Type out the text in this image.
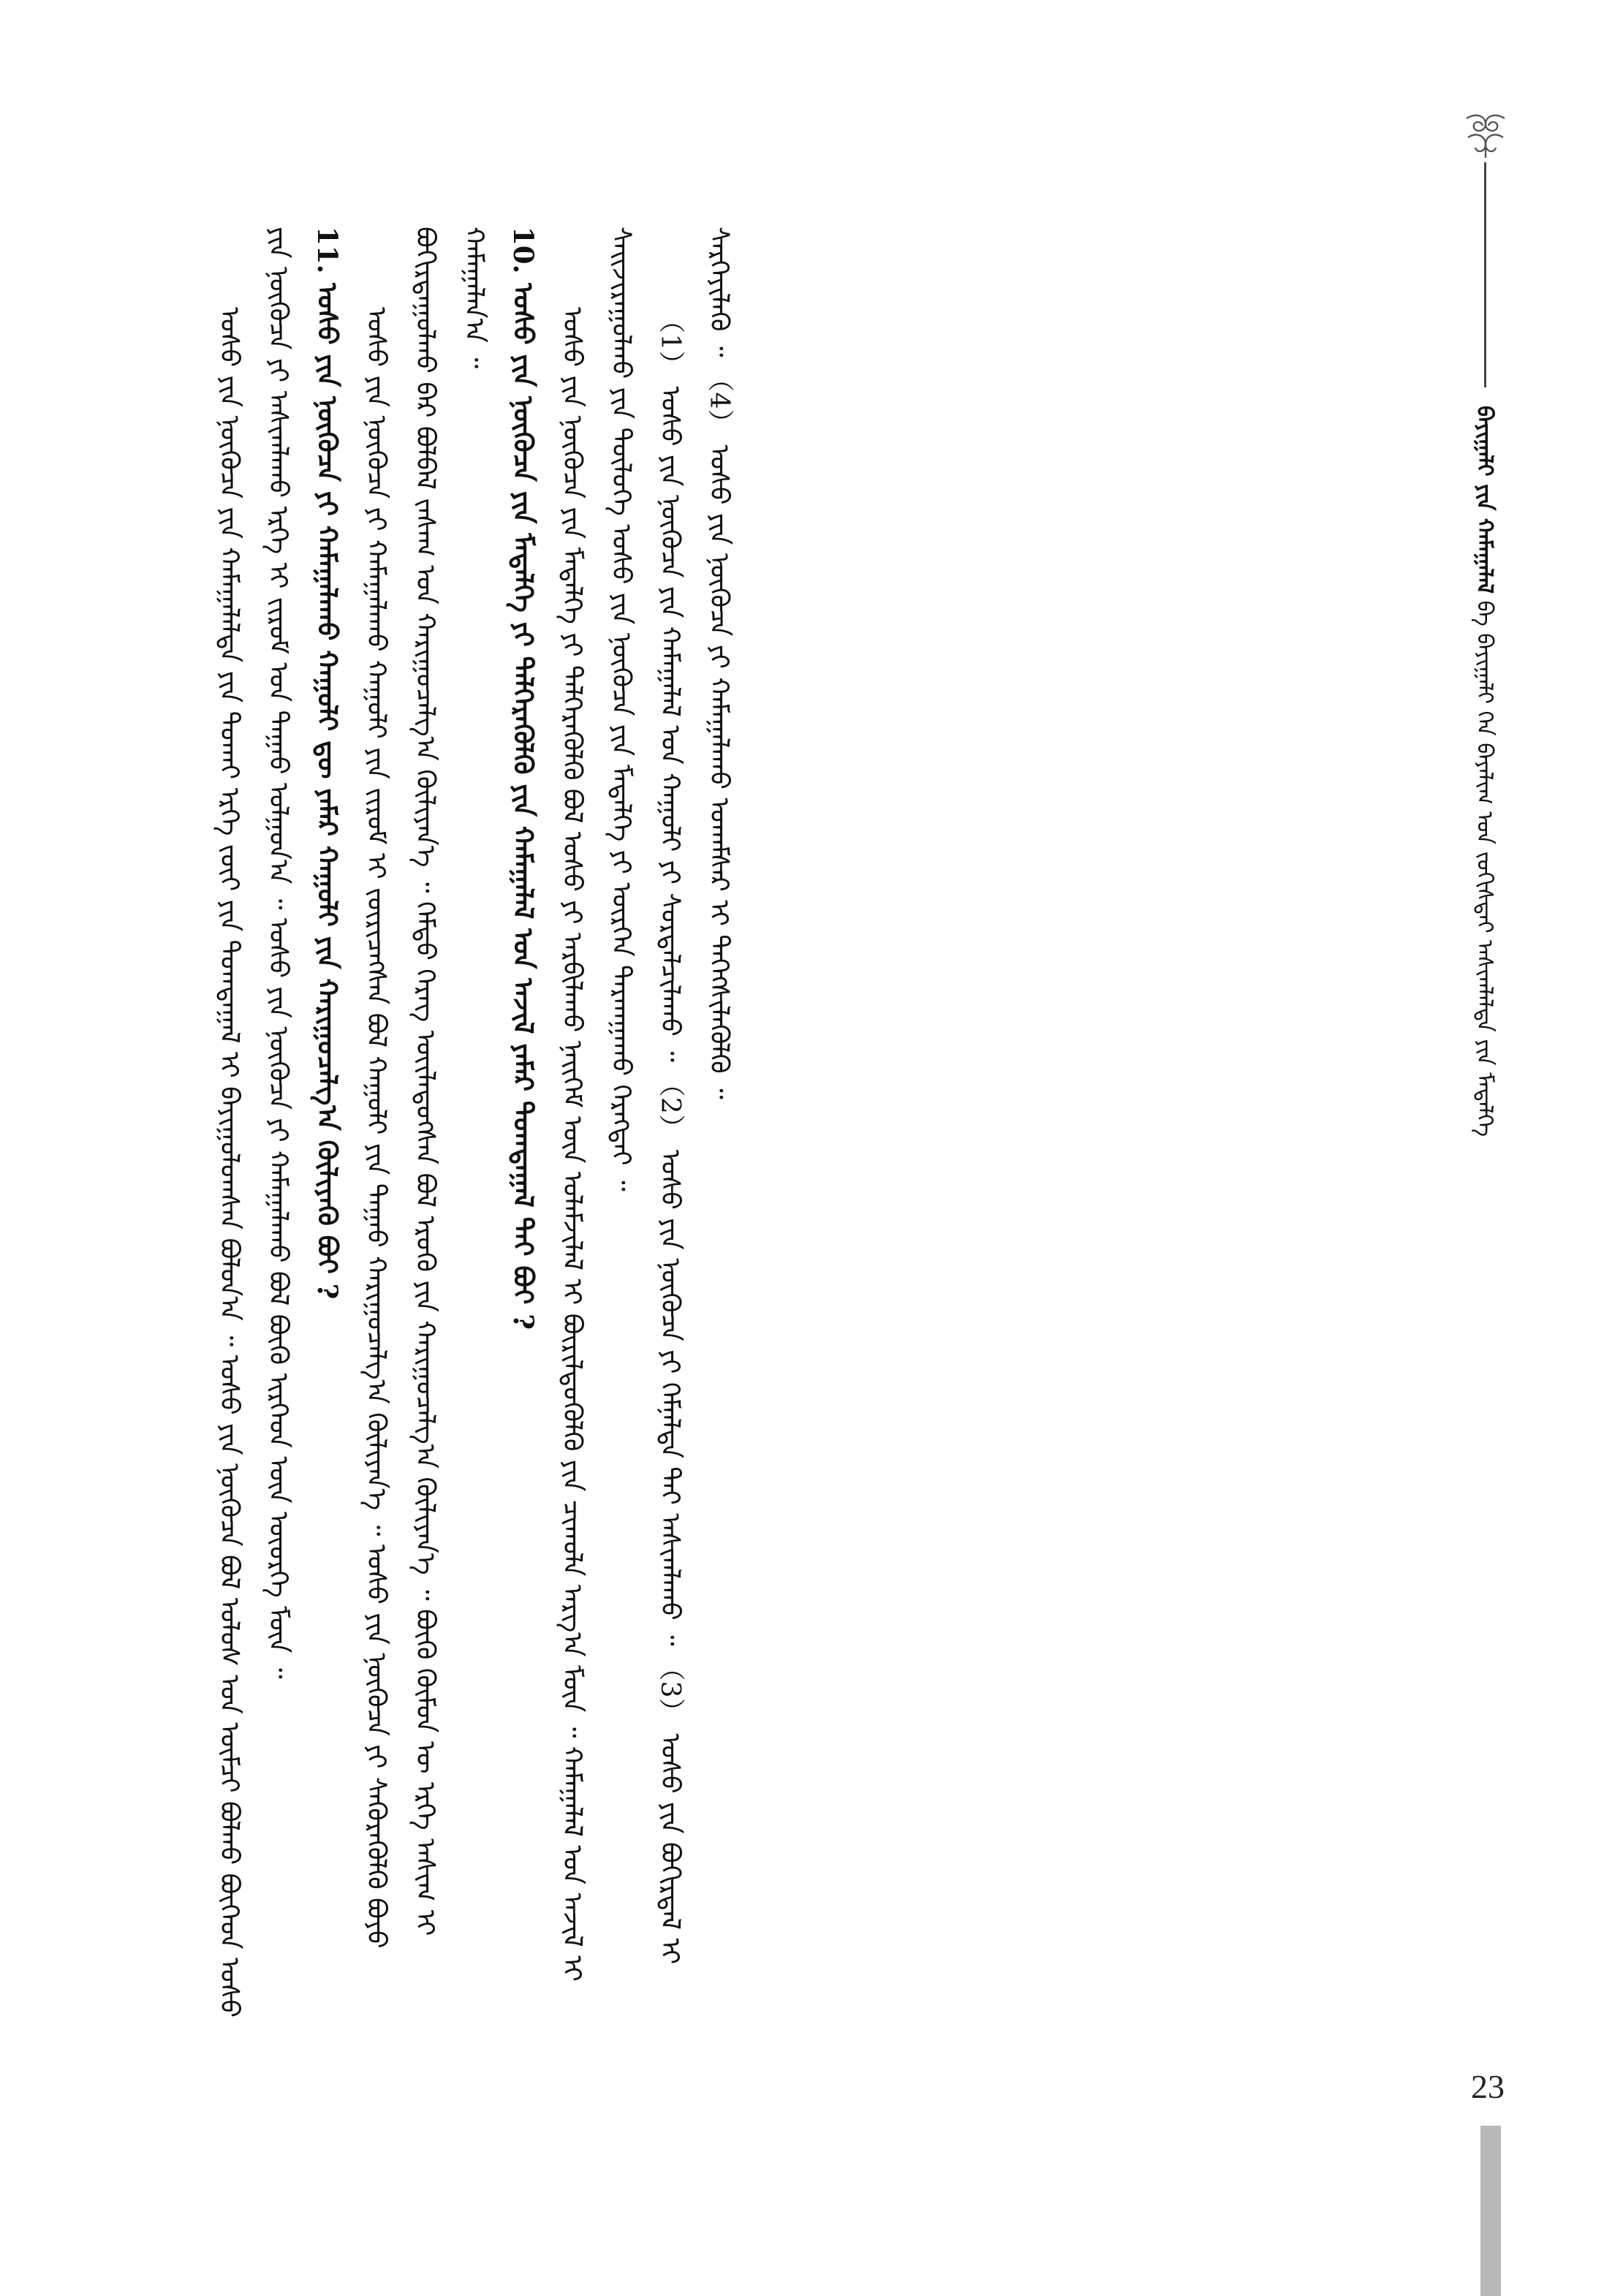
ᠪᠠᠶᠢᠭᠠᠯᠢ ᠶᠢᠨ ᠬᠠᠮᠠᠭᠠᠯᠠᠯ ᠪᠠ ᠪᠠᠶᠢᠭᠠᠯᠢ ᠭᠡᠨ ᠪᠠᠶᠠᠯᠢᠭ ᠤᠨ ᠵᠣᠬᠢᠰᠲᠠᠢ ᠠᠰᠢᠭᠯᠠᠯᠲᠠ ᠶᠢᠨ ᠮᠡᠳᠡᠯᠭᠡ

ᠤᠰᠤ ᠶᠢᠨ ᠨᠦᠭᠦᠴᠡ ᠶᠢᠨ ᠬᠠᠮᠠᠭᠠᠯᠠᠯᠲᠠ ᠶᠢᠨ ᠲᠤᠬᠠᠢ ᠡᠷᠬᠡ ᠵᠦᠢ ᠶᠢᠨ ᠲᠣᠭᠲᠠᠭᠠᠯ ᠢ ᠪᠠᠶᠢᠭᠤᠯᠤᠭᠰᠠᠨ ᠪᠣᠯᠤᠨ᠎ᠠ ᠃ ᠤᠰᠤ ᠶᠢᠨ ᠨᠦᠭᠦᠴᠡ ᠪᠣᠯ ᠤᠯᠤᠰ ᠤᠨ ᠥᠮᠴᠢ ᠪᠣᠯᠬᠤ ᠪᠥᠭᠡᠳ ᠤᠰᠤ ᠶᠢᠨ ᠨᠦᠭᠦᠴᠡ ᠶᠢ ᠠᠰᠢᠭᠯᠠᠬᠤ ᠡᠷᠬᠡ ᠢ ᠵᠢᠷᠤᠮ ᠤᠨ ᠳᠠᠭᠠᠤ ᠣᠯᠭᠤᠨ᠎ᠠ ᠃ ᠤᠰᠤ ᠶᠢᠨ ᠨᠦᠭᠦᠴᠡ ᠶᠢ ᠬᠠᠮᠠᠭᠠᠯᠠᠬᠤ ᠪᠣᠯ ᠪᠦᠬᠦ ᠢᠷᠭᠡᠳ ᠦᠨ ᠦᠦᠷᠭᠡ ᠮᠥᠨ ᠃ 11. ᠤᠰᠤ ᠶᠢᠨ ᠨᠦᠭᠦᠴᠡ ᠶᠢ ᠬᠠᠮᠠᠭᠠᠯᠠᠬᠤ ᠬᠠᠭᠤᠯᠢ ᠳᠦ ᠶᠠᠮᠠᠷ ᠬᠠᠭᠤᠯᠢ ᠶᠢᠨ ᠬᠠᠷᠢᠭᠤᠴᠠᠯᠭ᠎ᠠ ᠬᠦᠯᠢᠶᠡᠬᠦ ᠪᠤᠢ ? ᠤᠰᠤ ᠶᠢᠨ ᠨᠦᠭᠦᠴᠡ ᠶᠢ ᠬᠠᠮᠠᠭᠠᠯᠠᠬᠤ ᠬᠠᠭᠤᠯᠢ ᠶᠢᠨ ᠵᠢᠷᠤᠮ ᠢ ᠵᠥᠷᠢᠴᠡᠭᠰᠡᠨ ᠪᠣᠯ ᠬᠠᠭᠤᠯᠢ ᠶᠢᠨ ᠳᠠᠭᠠᠤ ᠬᠠᠷᠢᠭᠤᠴᠠᠯᠭ᠎ᠠ ᠬᠦᠯᠢᠶᠡᠨ᠎ᠡ ᠃ ᠤᠰᠤ ᠶᠢᠨ ᠨᠦᠭᠦᠴᠡ ᠶᠢ ᠰᠡᠭᠦᠷᠡᠭᠦᠯᠬᠦ ᠪᠤᠶᠤ ᠪᠣᠬᠢᠷᠳᠠᠭᠤᠯᠬᠤ ᠪᠠᠷ ᠪᠣᠯᠪᠠᠯ ᠵᠠᠰᠠᠭ ᠤᠨ ᠬᠠᠷᠢᠭᠤᠴᠠᠯᠭ᠎ᠠ ᠬᠦᠯᠢᠶᠡᠨ᠎ᠡ ᠃ ᠭᠡᠮᠲᠦ ᠬᠡᠷᠡᠭ ᠦᠢᠯᠡᠳᠦᠭᠰᠡᠨ ᠪᠣᠯ ᠡᠷᠦᠭᠦ ᠶᠢᠨ ᠬᠠᠷᠢᠭᠤᠴᠠᠯᠭ᠎ᠠ ᠬᠦᠯᠢᠶᠡᠨ᠎ᠡ ᠃ ᠪᠦᠬᠦ ᠬᠦᠮᠦᠨ ᠦ ᠡᠷᠬᠡ ᠠᠰᠢᠭ ᠢ ᠬᠠᠮᠠᠭᠠᠯᠠᠨ᠎ᠠ ᠃ 10. ᠤᠰᠤ ᠶᠢᠨ ᠨᠦᠭᠦᠴᠡ ᠶᠢᠨ ᠮᠡᠳᠡᠯᠭᠡ ᠶᠢ ᠳᠡᠯᠭᠡᠷᠡᠭᠦᠯᠬᠦ ᠶᠢᠨ ᠬᠠᠮᠠᠭᠠᠯᠠᠯ ᠤᠨ ᠠᠵᠢᠯ ᠶᠠᠮᠠᠷ ᠲᠣᠭᠲᠠᠭᠠᠯ ᠲᠠᠢ ᠪᠤᠢ ? ᠤᠰᠤ ᠶᠢᠨ ᠨᠦᠭᠦᠴᠡ ᠶᠢᠨ ᠮᠡᠳᠡᠯᠭᠡ ᠶᠢ ᠳᠡᠯᠭᠡᠷᠡᠭᠦᠯᠬᠦ ᠪᠣᠯ ᠤᠰᠤ ᠶᠢ ᠠᠷᠪᠢᠯᠠᠬᠤ ᠨᠡᠢᠭᠡᠮ ᠦᠨ ᠤᠯᠠᠮᠵᠢᠯᠠᠯ ᠢ ᠪᠦᠷᠢᠯᠳᠦᠭᠦᠯᠬᠦ ᠶᠢᠨ ᠴᠢᠬᠤᠯᠠ ᠠᠷᠭ᠎ᠠ ᠮᠥᠨ ᠃ ᠬᠠᠮᠠᠭᠠᠯᠠᠯ ᠤᠨ ᠠᠵᠢᠯ ᠢ ᠰᠠᠢᠵᠢᠷᠠᠭᠤᠯᠬᠤ ᠶᠢᠨ ᠲᠥᠯᠥᠭᠡ ᠤᠰᠤ ᠶᠢᠨ ᠨᠦᠭᠦᠴᠡ ᠶᠢᠨ ᠮᠡᠳᠡᠯᠭᠡ ᠶᠢ ᠥᠷᠭᠡᠨ ᠲᠠᠷᠬᠠᠭᠠᠬᠤ ᠬᠡᠷᠡᠭᠲᠡᠢ ᠃ （1） ᠤᠰᠤ ᠶᠢᠨ ᠨᠦᠭᠦᠴᠡ ᠶᠢᠨ ᠬᠠᠮᠠᠭᠠᠯᠠᠯ ᠤᠨ ᠬᠠᠭᠤᠯᠢ ᠶᠢ ᠰᠤᠷᠲᠠᠯᠴᠢᠯᠠᠬᠤ ᠃ （2） ᠤᠰᠤ ᠶᠢᠨ ᠨᠦᠭᠦᠴᠡ ᠶᠢ ᠬᠡᠮᠨᠡᠯᠲᠡ ᠲᠡᠢ ᠠᠰᠢᠭᠯᠠᠬᠤ ᠃ （3） ᠤᠰᠤ ᠶᠢᠨ ᠪᠣᠬᠢᠷᠳᠠᠯ ᠢ ᠰᠡᠷᠭᠡᠶᠢᠯᠡᠬᠦ ᠃ （4） ᠤᠰᠤ ᠶᠢᠨ ᠨᠦᠭᠦᠴᠡ ᠶᠢ ᠬᠠᠮᠠᠭᠠᠯᠠᠬᠤ ᠤᠬᠠᠮᠰᠠᠷ ᠢ ᠳᠡᠭᠡᠭᠰᠢᠯᠡᠭᠦᠯᠬᠦ ᠃

23
